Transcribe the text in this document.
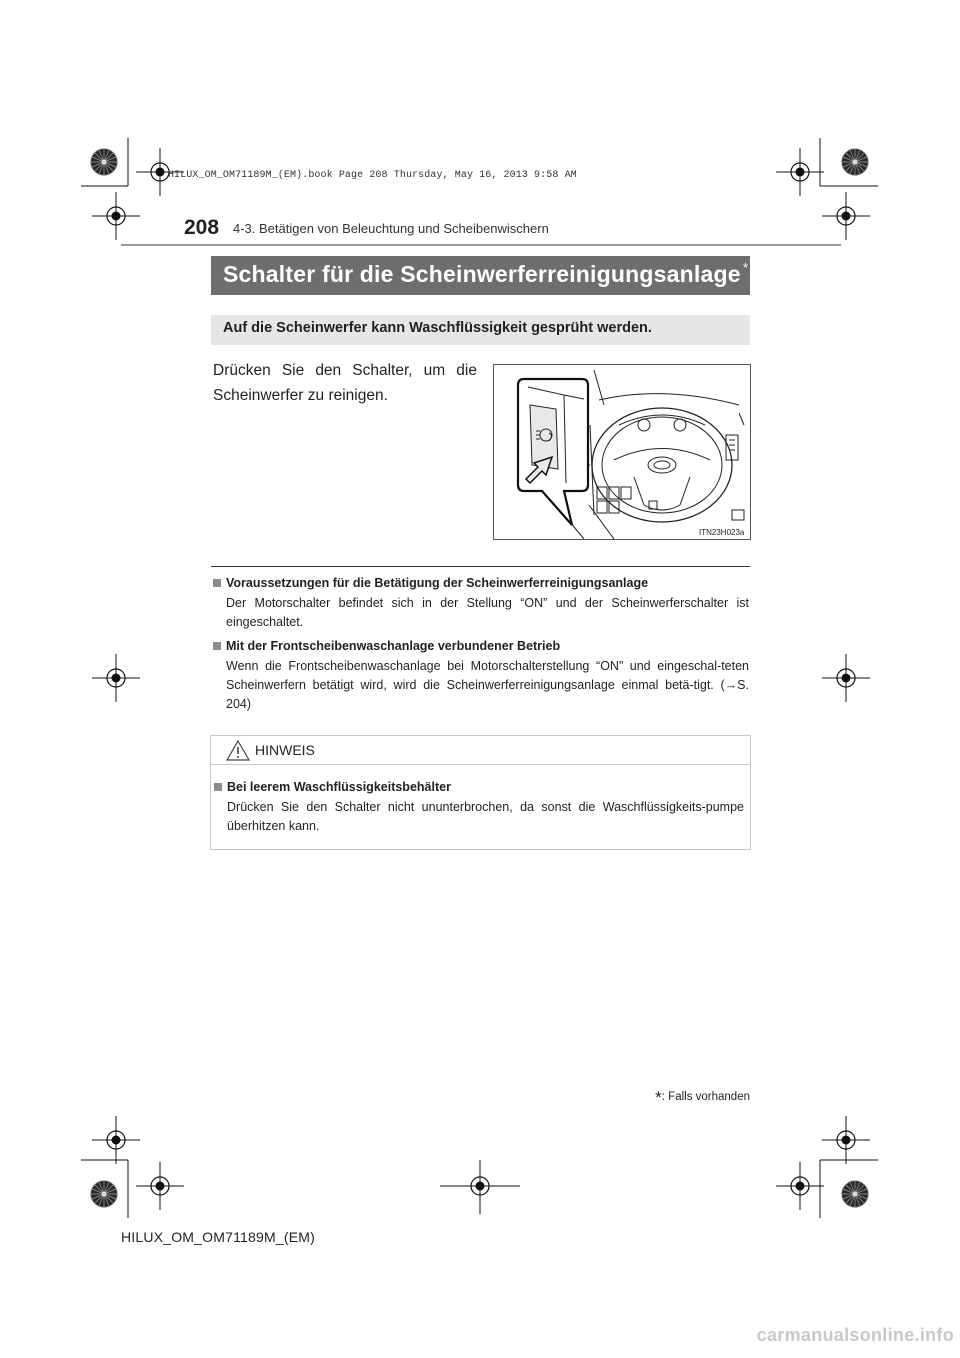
HILUX_OM_OM71189M_(EM).book Page 208 Thursday, May 16, 2013 9:58 AM
208 4-3. Betätigen von Beleuchtung und Scheibenwischern
Schalter für die Scheinwerferreinigungsanlage *
Auf die Scheinwerfer kann Waschflüssigkeit gesprüht werden.
Drücken Sie den Schalter, um die Scheinwerfer zu reinigen.
ITN23H023a
Voraussetzungen für die Betätigung der Scheinwerferreinigungsanlage
Der Motorschalter befindet sich in der Stellung “ON” und der Scheinwerferschalter ist eingeschaltet.
Mit der Frontscheibenwaschanlage verbundener Betrieb
Wenn die Frontscheibenwaschanlage bei Motorschalterstellung “ON” und eingeschal-teten Scheinwerfern betätigt wird, wird die Scheinwerferreinigungsanlage einmal betä-tigt. (→S. 204)
HINWEIS
Bei leerem Waschflüssigkeitsbehälter
Drücken Sie den Schalter nicht ununterbrochen, da sonst die Waschflüssigkeits-pumpe überhitzen kann.
*: Falls vorhanden
HILUX_OM_OM71189M_(EM)
carmanualsonline.info
